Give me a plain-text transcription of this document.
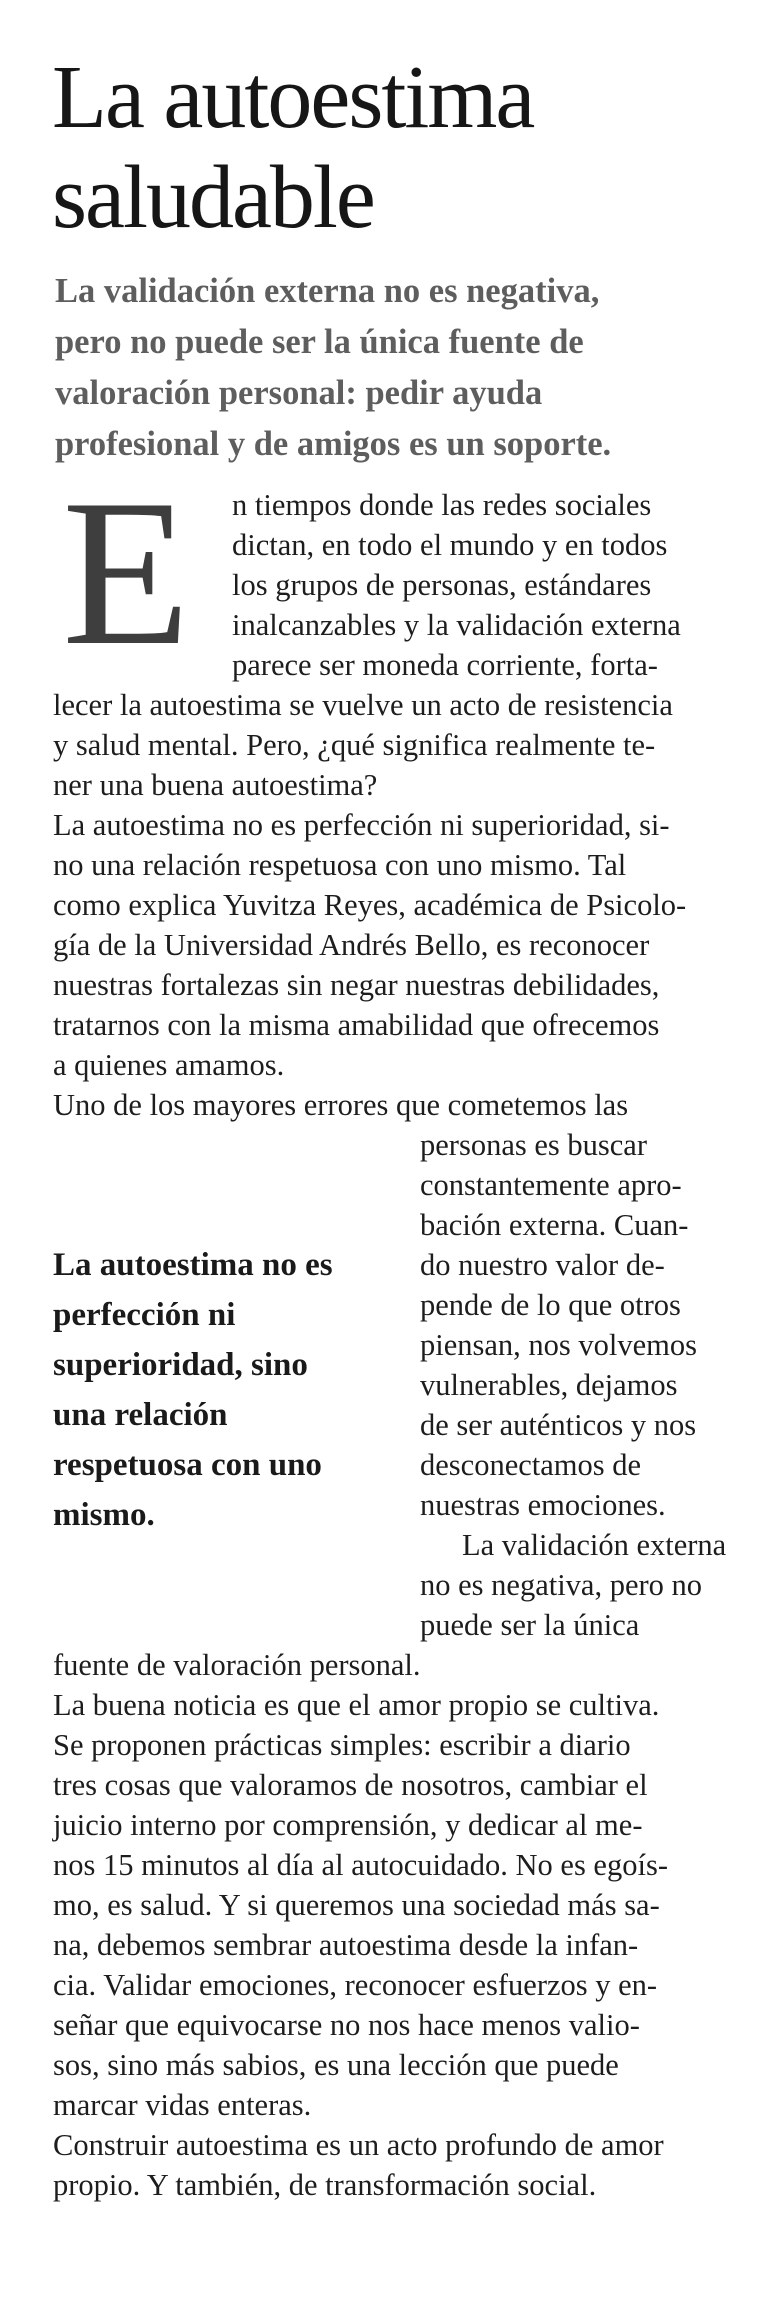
La autoestima
saludable
La validación externa no es negativa,
pero no puede ser la única fuente de
valoración personal: pedir ayuda
profesional y de amigos es un soporte.
E n tiempos donde las redes sociales
dictan, en todo el mundo y en todos
los grupos de personas, estándares
inalcanzables y la validación externa
parece ser moneda corriente, forta-
lecer la autoestima se vuelve un acto de resistencia
y salud mental. Pero, ¿qué significa realmente te-
ner una buena autoestima?
La autoestima no es perfección ni superioridad, si-
no una relación respetuosa con uno mismo. Tal
como explica Yuvitza Reyes, académica de Psicolo-
gía de la Universidad Andrés Bello, es reconocer
nuestras fortalezas sin negar nuestras debilidades,
tratarnos con la misma amabilidad que ofrecemos
a quienes amamos.
Uno de los mayores errores que cometemos las
personas es buscar
constantemente apro-
bación externa. Cuan-
do nuestro valor de-
pende de lo que otros
piensan, nos volvemos
vulnerables, dejamos
de ser auténticos y nos
desconectamos de
nuestras emociones.
La validación externa
no es negativa, pero no
puede ser la única
fuente de valoración personal.
La buena noticia es que el amor propio se cultiva.
Se proponen prácticas simples: escribir a diario
tres cosas que valoramos de nosotros, cambiar el
juicio interno por comprensión, y dedicar al me-
nos 15 minutos al día al autocuidado. No es egoís-
mo, es salud. Y si queremos una sociedad más sa-
na, debemos sembrar autoestima desde la infan-
cia. Validar emociones, reconocer esfuerzos y en-
señar que equivocarse no nos hace menos valio-
sos, sino más sabios, es una lección que puede
marcar vidas enteras.
Construir autoestima es un acto profundo de amor
propio. Y también, de transformación social.
La autoestima no es
perfección ni
superioridad, sino
una relación
respetuosa con uno
mismo.
